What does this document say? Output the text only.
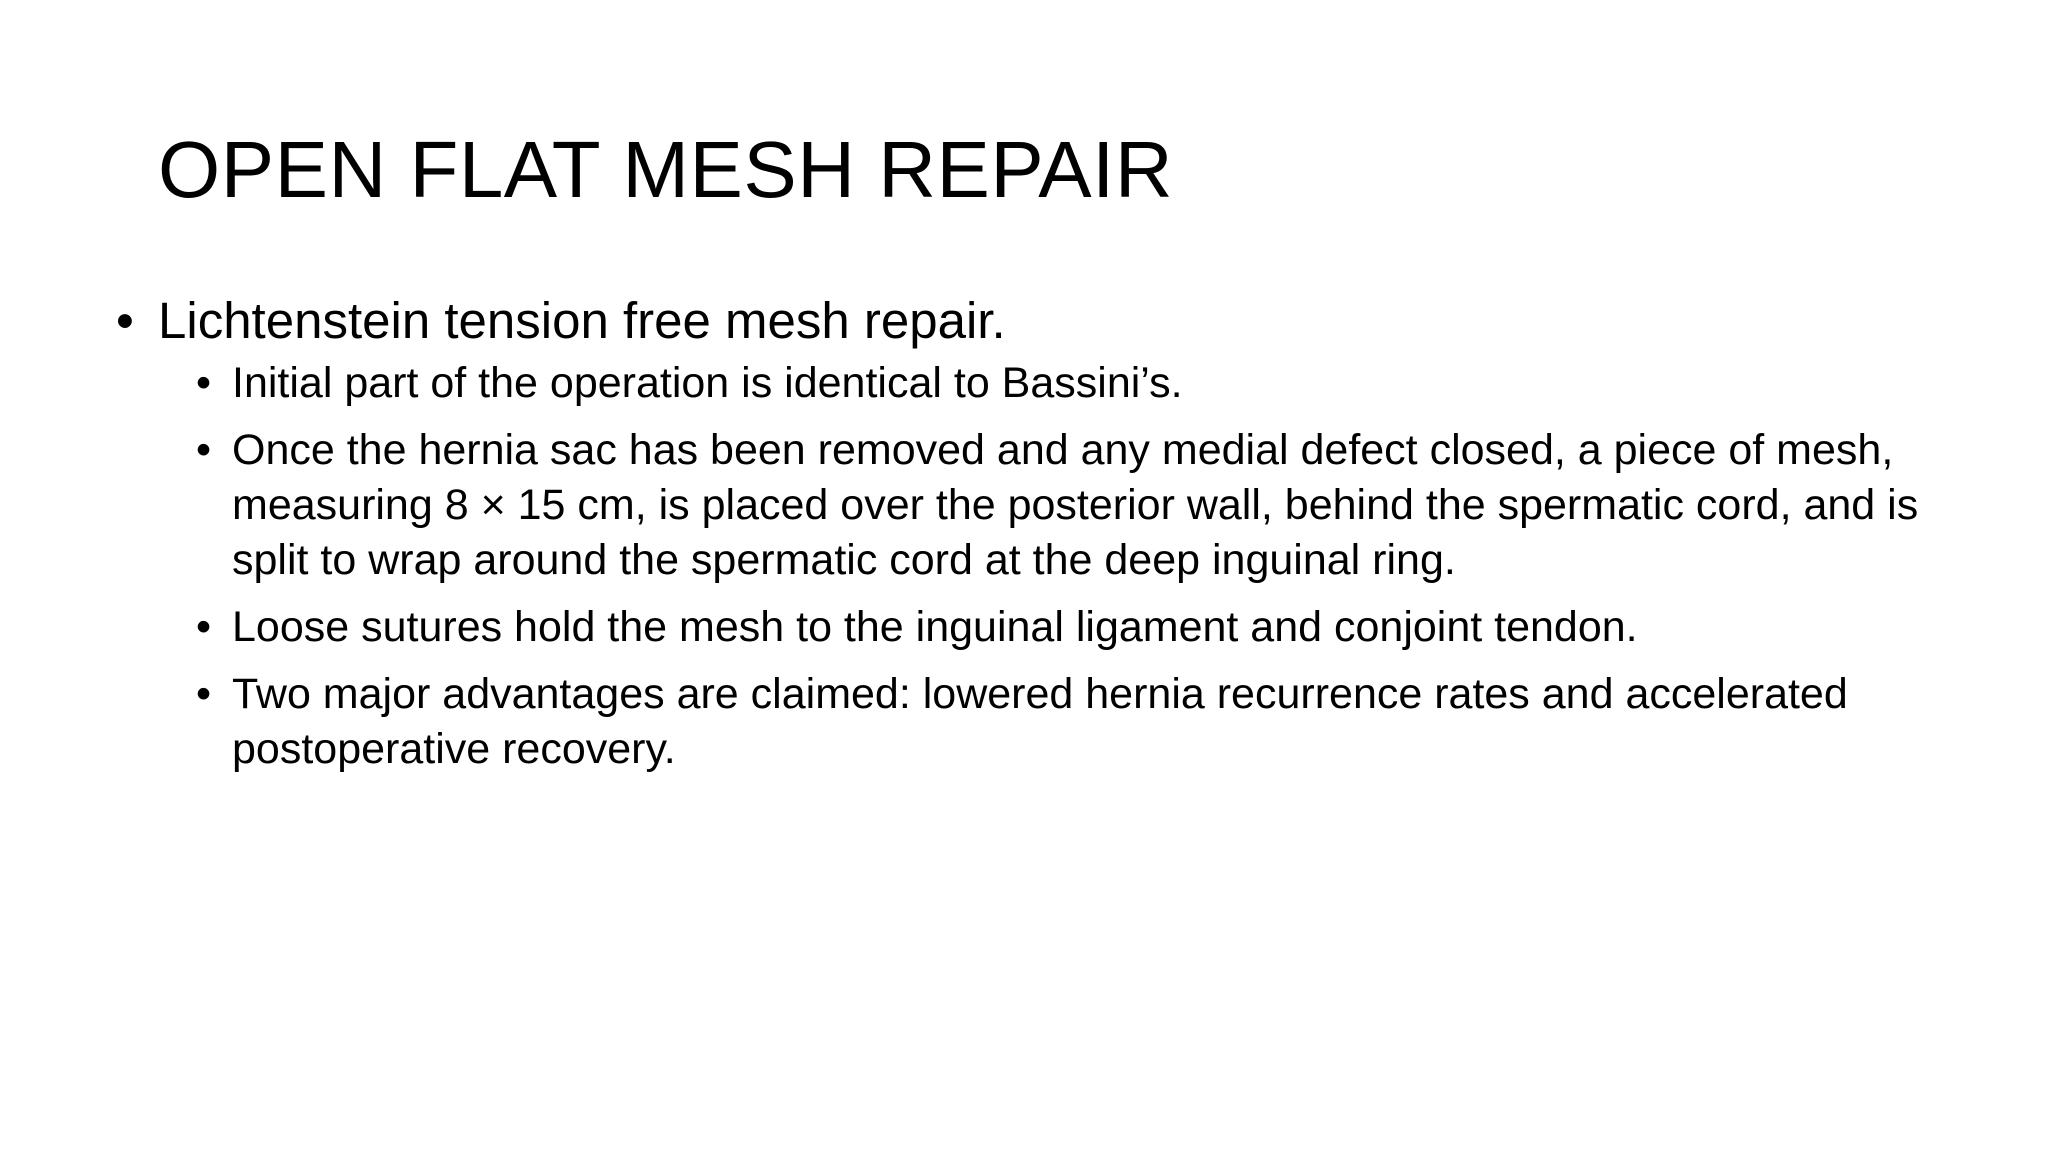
OPEN FLAT MESH REPAIR
• Lichtenstein tension free mesh repair.
• Initial part of the operation is identical to Bassini’s.
• Once the hernia sac has been removed and any medial defect closed, a piece of mesh, measuring 8 × 15 cm, is placed over the posterior wall, behind the spermatic cord, and is split to wrap around the spermatic cord at the deep inguinal ring.
• Loose sutures hold the mesh to the inguinal ligament and conjoint tendon.
• Two major advantages are claimed: lowered hernia recurrence rates and accelerated postoperative recovery.
